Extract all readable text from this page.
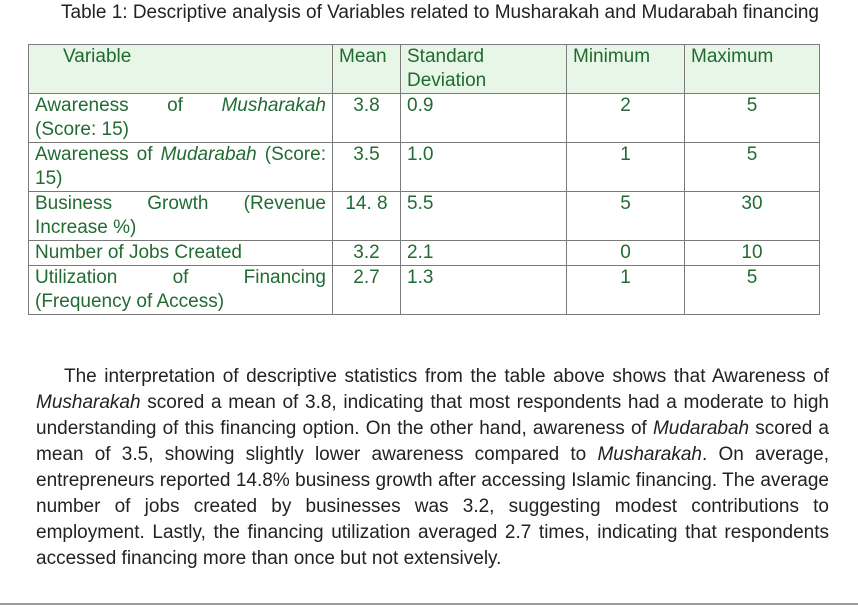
Table 1: Descriptive analysis of Variables related to Musharakah and Mudarabah financing
Variable	Mean	Standard Deviation	Minimum	Maximum
Awareness of Musharakah (Score: 15)	3.8	0.9	2	5
Awareness of Mudarabah (Score: 15)	3.5	1.0	1	5
Business Growth (Revenue Increase %)	14. 8	5.5	5	30
Number of Jobs Created	3.2	2.1	0	10
Utilization of Financing (Frequency of Access)	2.7	1.3	1	5
The interpretation of descriptive statistics from the table above shows that Awareness of Musharakah scored a mean of 3.8, indicating that most respondents had a moderate to high understanding of this financing option. On the other hand, awareness of Mudarabah scored a mean of 3.5, showing slightly lower awareness compared to Musharakah. On average, entrepreneurs reported 14.8% business growth after accessing Islamic financing. The average number of jobs created by businesses was 3.2, suggesting modest contributions to employment. Lastly, the financing utilization averaged 2.7 times, indicating that respondents accessed financing more than once but not extensively.
